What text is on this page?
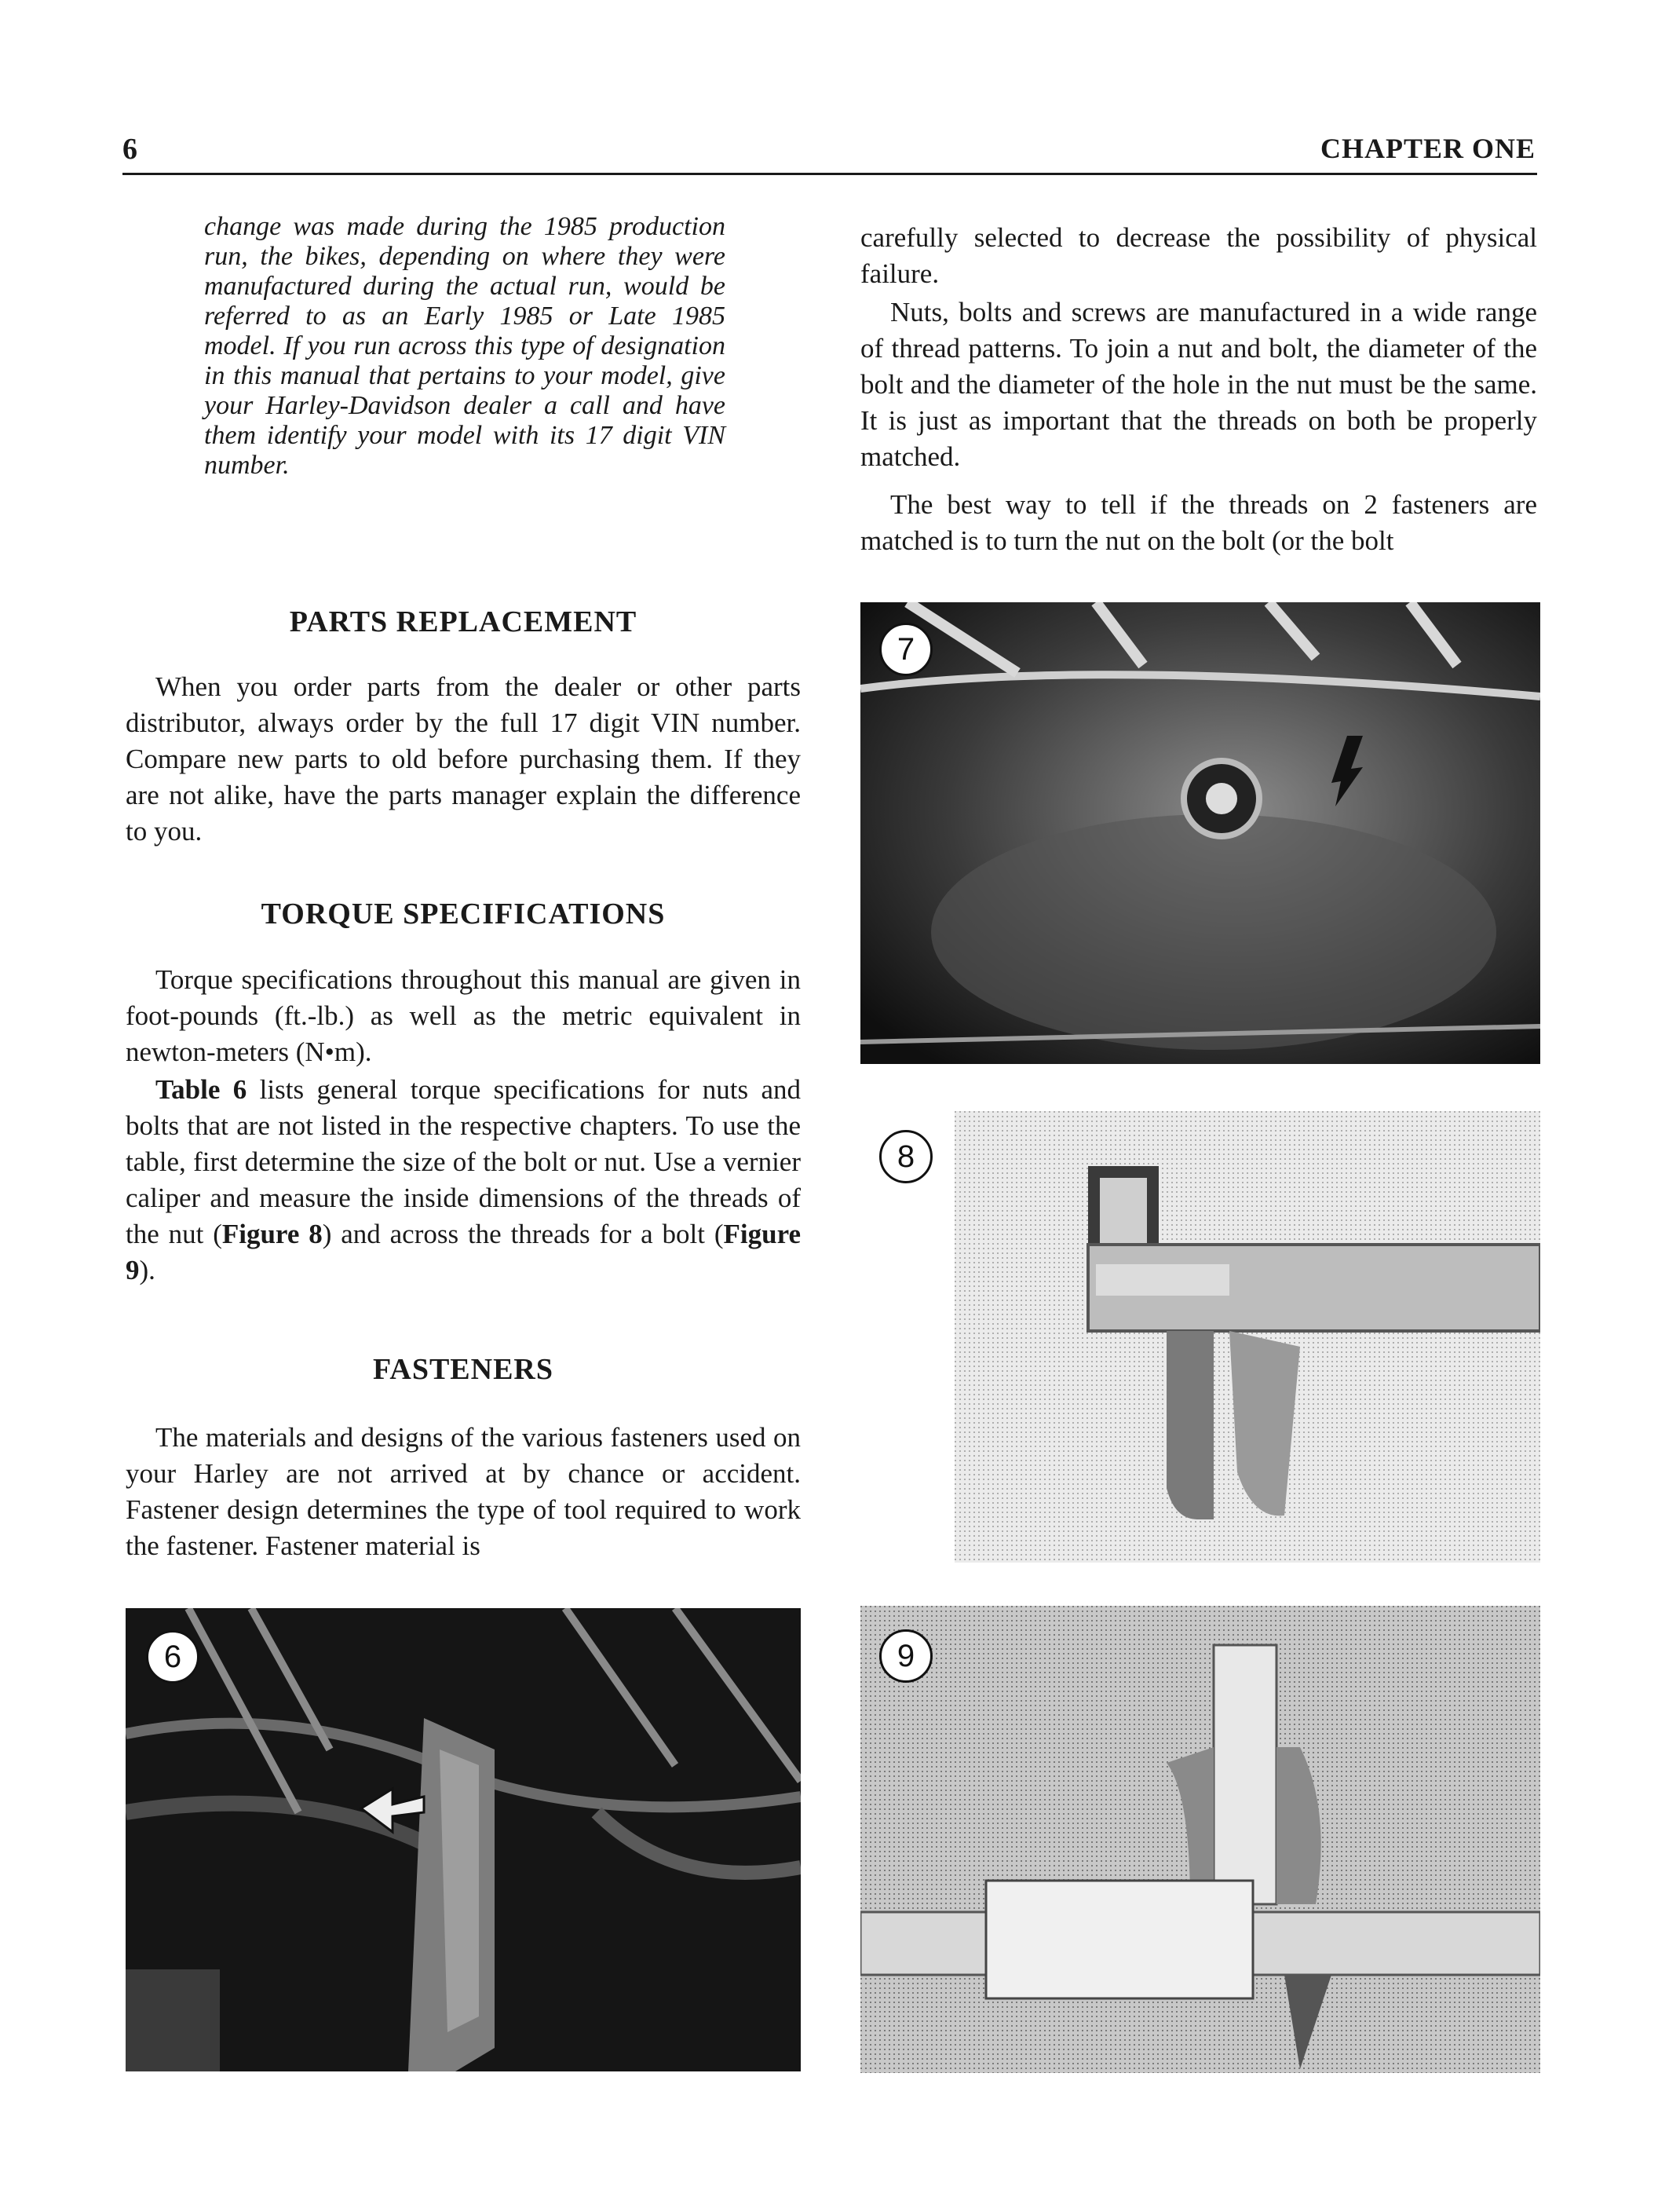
6	CHAPTER ONE

change was made during the 1985 production run, the bikes, depending on where they were manufactured during the actual run, would be referred to as an Early 1985 or Late 1985 model. If you run across this type of designation in this manual that pertains to your model, give your Harley-Davidson dealer a call and have them identify your model with its 17 digit VIN number.

PARTS REPLACEMENT

When you order parts from the dealer or other parts distributor, always order by the full 17 digit VIN number. Compare new parts to old before purchasing them. If they are not alike, have the parts manager explain the difference to you.

TORQUE SPECIFICATIONS

Torque specifications throughout this manual are given in foot-pounds (ft.-lb.) as well as the metric equivalent in newton-meters (N•m).

Table 6 lists general torque specifications for nuts and bolts that are not listed in the respective chapters. To use the table, first determine the size of the bolt or nut. Use a vernier caliper and measure the inside dimensions of the threads of the nut (Figure 8) and across the threads for a bolt (Figure 9).

FASTENERS

The materials and designs of the various fasteners used on your Harley are not arrived at by chance or accident. Fastener design determines the type of tool required to work the fastener. Fastener material is

carefully selected to decrease the possibility of physical failure.

Nuts, bolts and screws are manufactured in a wide range of thread patterns. To join a nut and bolt, the diameter of the bolt and the diameter of the hole in the nut must be the same. It is just as important that the threads on both be properly matched.

The best way to tell if the threads on 2 fasteners are matched is to turn the nut on the bolt (or the bolt

7
8
6	9
